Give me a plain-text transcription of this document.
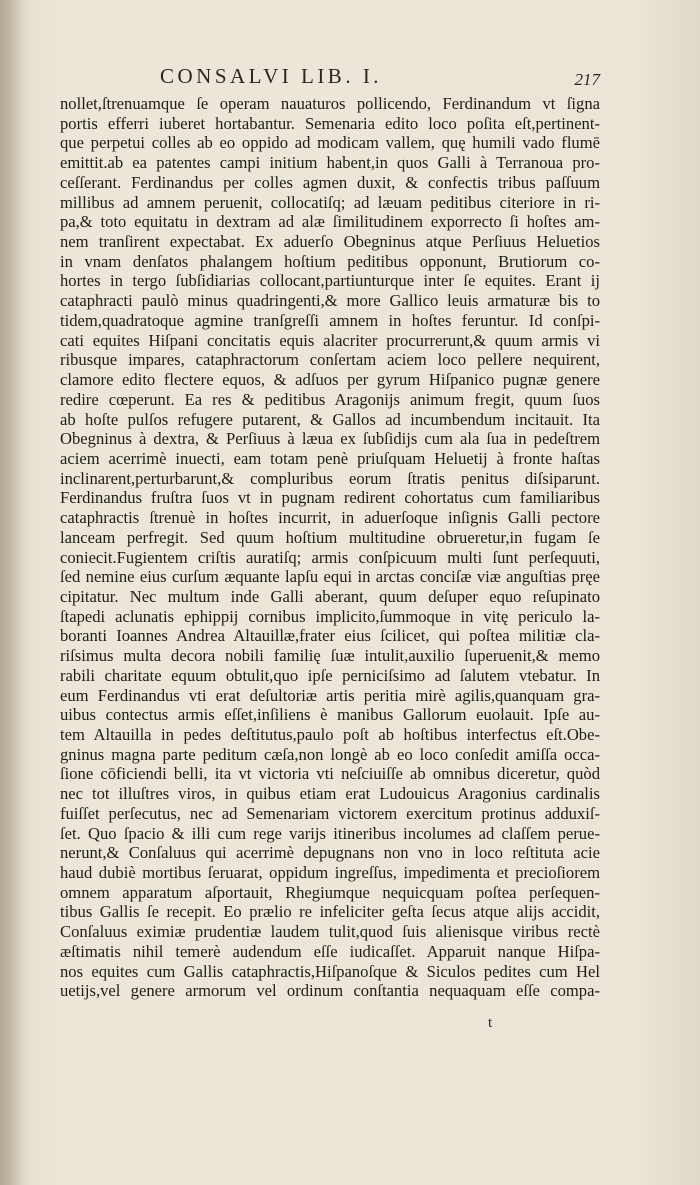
CONSALVI LIB. I.	217
nollet,ſtrenuamque ſe operam nauaturos pollicendo, Ferdinandum vt ſigna
portis efferri iuberet hortabantur. Semenaria edito loco poſita eſt,pertinent-
que perpetui colles ab eo oppido ad modicam vallem, quę humili vado flumē
emittit.ab ea patentes campi initium habent,in quos Galli à Terranoua pro-
ceſſerant. Ferdinandus per colles agmen duxit, & confectis tribus paſſuum
millibus ad amnem peruenit, collocatiſq; ad læuam peditibus citeriore in ri-
pa,& toto equitatu in dextram ad alæ ſimilitudinem exporrecto ſi hoſtes am-
nem tranſirent expectabat. Ex aduerſo Obegninus atque Perſiuus Heluetios
in vnam denſatos phalangem hoſtium peditibus opponunt, Brutiorum co-
hortes in tergo ſubſidiarias collocant,partiunturque inter ſe equites. Erant ij
cataphracti paulò minus quadringenti,& more Gallico leuis armaturæ bis to
tidem,quadratoque agmine tranſgreſſi amnem in hoſtes feruntur. Id conſpi-
cati equites Hiſpani concitatis equis alacriter procurrerunt,& quum armis vi
ribusque impares, cataphractorum conſertam aciem loco pellere nequirent,
clamore edito flectere equos, & adſuos per gyrum Hiſpanico pugnæ genere
redire cœperunt. Ea res & peditibus Aragonijs animum fregit, quum ſuos
ab hoſte pulſos refugere putarent, & Gallos ad incumbendum incitauit. Ita
Obegninus à dextra, & Perſiuus à læua ex ſubſidijs cum ala ſua in pedeſtrem
aciem acerrimè inuecti, eam totam penè priuſquam Heluetij à fronte haſtas
inclinarent,perturbarunt,& compluribus eorum ſtratis penitus diſsiparunt.
Ferdinandus fruſtra ſuos vt in pugnam redirent cohortatus cum familiaribus
cataphractis ſtrenuè in hoſtes incurrit, in aduerſoque inſignis Galli pectore
lanceam perfregit. Sed quum hoſtium multitudine obrueretur,in fugam ſe
coniecit.Fugientem criſtis auratiſq; armis conſpicuum multi ſunt perſequuti,
ſed nemine eius curſum æquante lapſu equi in arctas conciſæ viæ anguſtias pręe
cipitatur. Nec multum inde Galli aberant, quum deſuper equo reſupinato
ſtapedi aclunatis ephippij cornibus implicito,ſummoque in vitę periculo la-
boranti Ioannes Andrea Altauillæ,frater eius ſcilicet, qui poſtea militiæ cla-
riſsimus multa decora nobili familię ſuæ intulit,auxilio ſuperuenit,& memo
rabili charitate equum obtulit,quo ipſe perniciſsimo ad ſalutem vtebatur. In
eum Ferdinandus vti erat deſultoriæ artis peritia mirè agilis,quanquam gra-
uibus contectus armis eſſet,inſiliens è manibus Gallorum euolauit. Ipſe au-
tem Altauilla in pedes deſtitutus,paulo poſt ab hoſtibus interfectus eſt.Obe-
gninus magna parte peditum cæſa,non longè ab eo loco conſedit amiſſa occa-
ſione cōficiendi belli, ita vt victoria vti neſciuiſſe ab omnibus diceretur, quòd
nec tot illuſtres viros, in quibus etiam erat Ludouicus Aragonius cardinalis
fuiſſet perſecutus, nec ad Semenariam victorem exercitum protinus adduxiſ-
ſet. Quo ſpacio & illi cum rege varijs itineribus incolumes ad claſſem perue-
nerunt,& Conſaluus qui acerrimè depugnans non vno in loco reſtituta acie
haud dubiè mortibus ſeruarat, oppidum ingreſſus, impedimenta et precioſiorem
omnem apparatum aſportauit, Rhegiumque nequicquam poſtea perſequen-
tibus Gallis ſe recepit. Eo prælio re infeliciter geſta ſecus atque alijs accidit,
Conſaluus eximiæ prudentiæ laudem tulit,quod ſuis alienisque viribus rectè
æſtimatis nihil temerè audendum eſſe iudicaſſet. Apparuit nanque Hiſpa-
nos equites cum Gallis cataphractis,Hiſpanoſque & Siculos pedites cum Hel
uetijs,vel genere armorum vel ordinum conſtantia nequaquam eſſe compa-
t
